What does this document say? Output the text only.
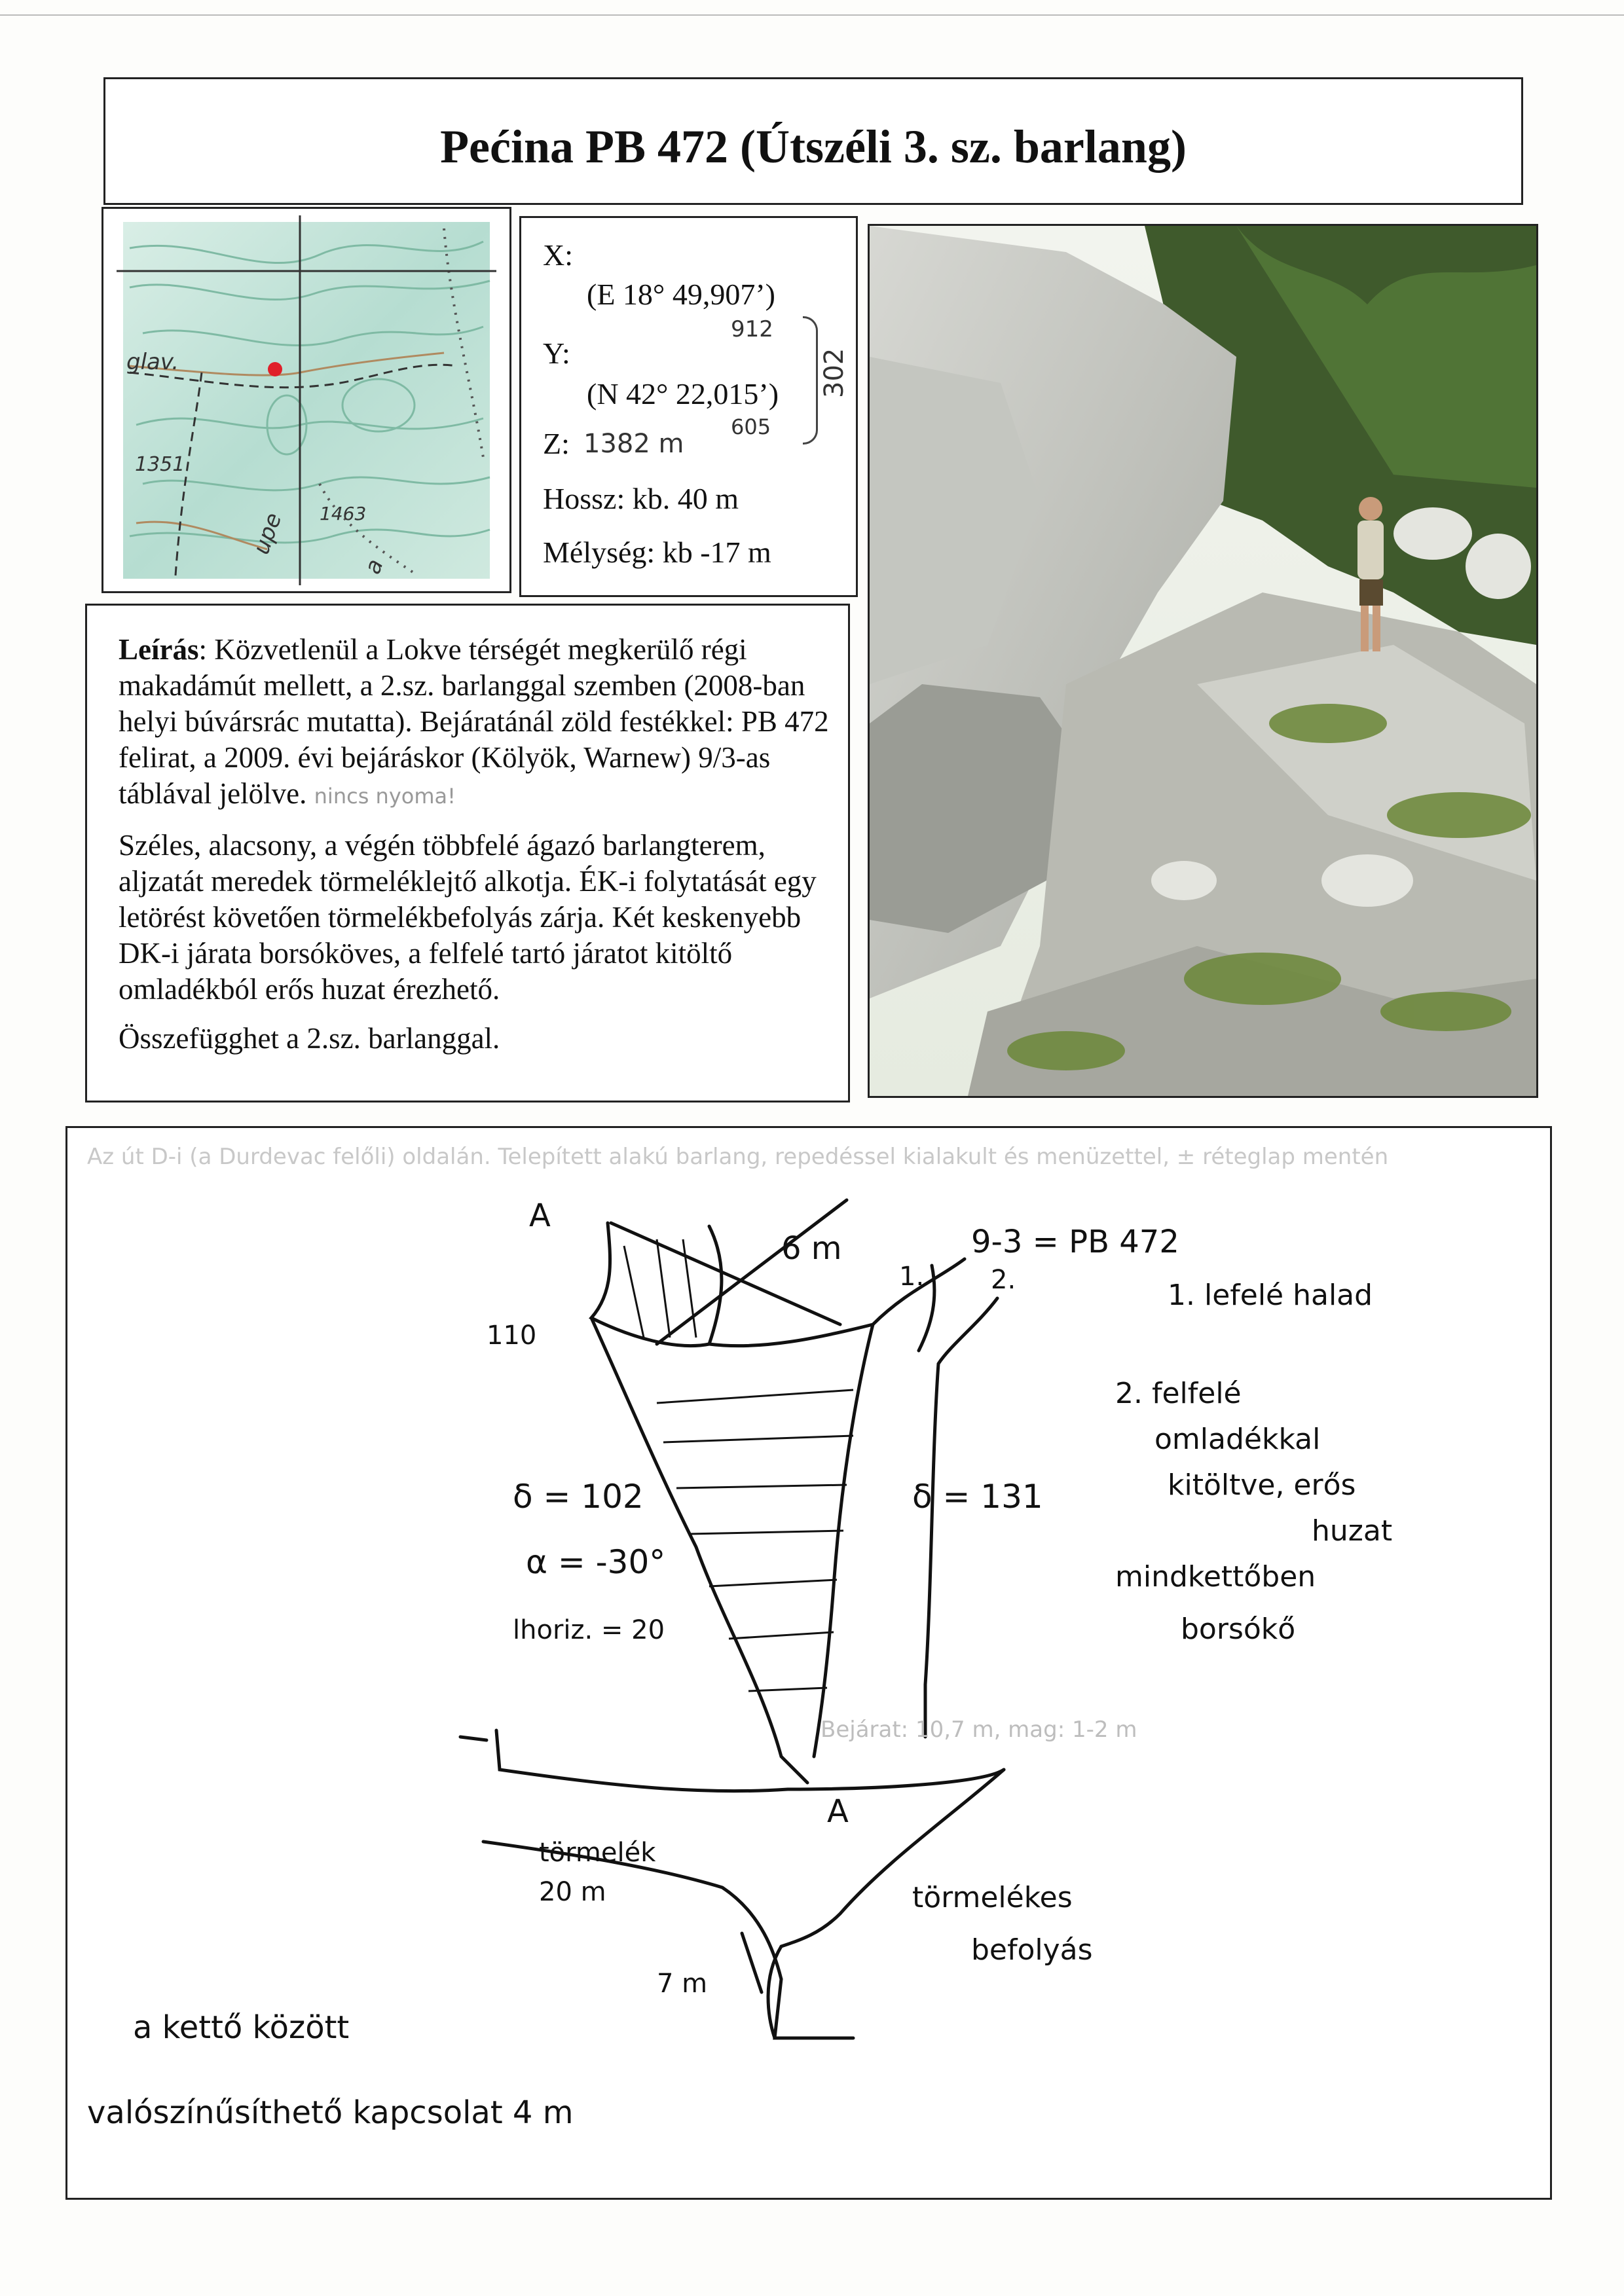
Pećina PB 472 (Útszéli 3. sz. barlang)
glav.
1351
1463
upe
a
X:
(E 18° 49,907’)
912
Y:
(N 42° 22,015’)
605
302
Z: 1382 m
Hossz: kb. 40 m
Mélység: kb -17 m

Leírás: Közvetlenül a Lokve térségét megkerülő régi makadámút mellett, a 2.sz. barlanggal szemben (2008-ban helyi búvársrác mutatta). Bejáratánál zöld festékkel: PB 472 felirat, a 2009. évi bejáráskor (Kölyök, Warnew) 9/3-as táblával jelölve. nincs nyoma!

Széles, alacsony, a végén többfelé ágazó barlangterem, aljzatát meredek törmeléklejtő alkotja. ÉK-i folytatását egy letörést követően törmelékbefolyás zárja. Két keskenyebb DK-i járata borsóköves, a felfelé tartó járatot kitöltő omladékból erős huzat érezhető.

Összefügghet a 2.sz. barlanggal.

Az út D-i (a Durdevac felőli) oldalán. Telepített alakú barlang, repedéssel kialakult és menüzettel, ± réteglap mentén
A
6 m
110
1.	2.
9-3 = PB 472
1. lefelé halad
2. felfelé
omladékkal
kitöltve, erős
huzat
mindkettőben
borsókő
δ = 102
α = -30°
lhoriz. = 20
δ = 131
Bejárat: 10,7 m, mag: 1-2 m
A
törmelék
20 m
7 m
törmelékes
befolyás
a kettő között
valószínűsíthető kapcsolat 4 m
